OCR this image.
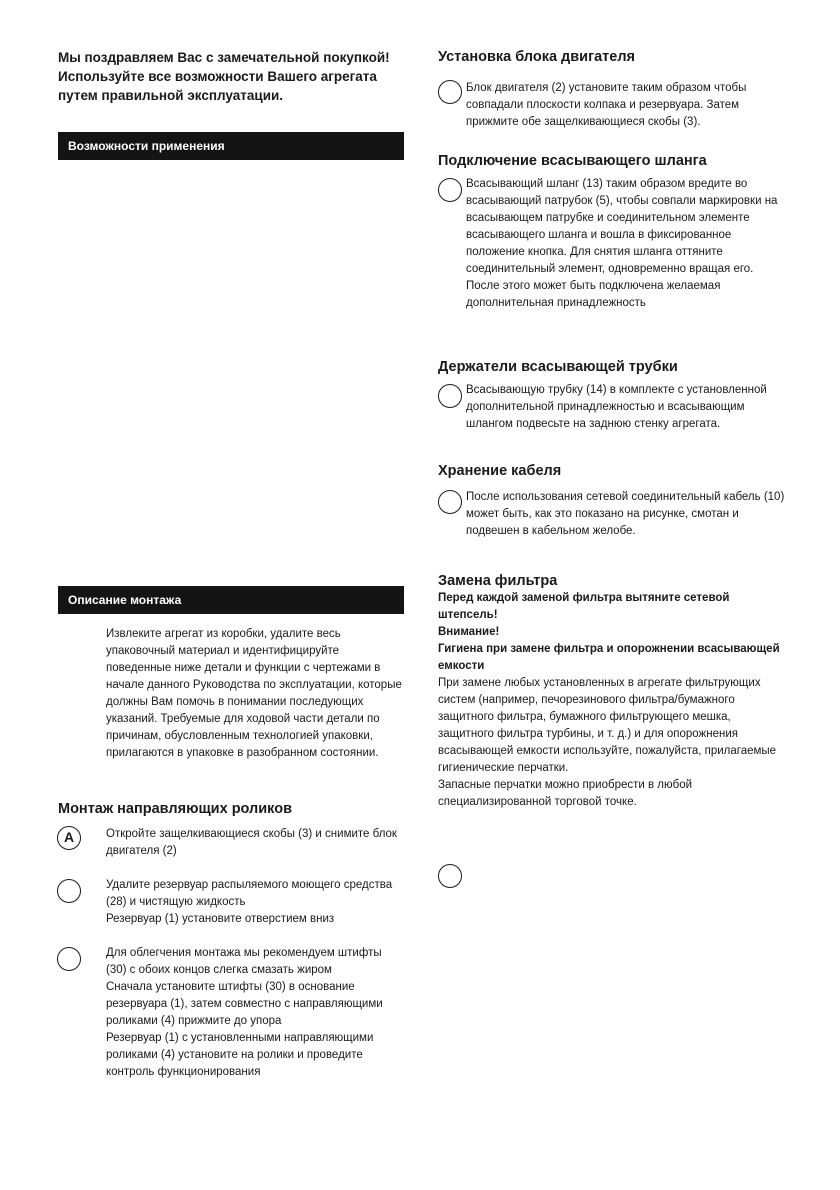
Мы поздравляем Вас с замечательной покупкой!

Используйте все возможности Вашего агрегата путем правильной эксплуатации.

Возможности применения
Описание монтажа

Извлеките агрегат из коробки, удалите весь упаковочный материал и идентифицируйте поведенные ниже детали и функции с чертежами в начале данного Руководства по эксплуатации, которые должны Вам помочь в понимании последующих указаний. Требуемые для ходовой части детали по причинам, обусловленным технологией упаковки, прилагаются в упаковке в разобранном состоянии.

Монтаж направляющих роликов
A	Откройте защелкивающиеся скобы (3) и снимите блок двигателя (2)

Удалите резервуар распыляемого моющего средства (28) и чистящую жидкость
Резервуар (1) установите отверстием вниз
Для облегчения монтажа мы рекомендуем штифты (30) с обоих концов слегка смазать жиром
Сначала установите штифты (30) в основание резервуара (1), затем совместно с направляющими роликами (4) прижмите до упора
Резервуар (1) с установленными направляющими роликами (4) установите на ролики и проведите контроль функционирования
Установка блока двигателя

Блок двигателя (2) установите таким образом чтобы совпадали плоскости колпака и резервуара. Затем прижмите обе защелкивающиеся скобы (3).

Подключение всасывающего шланга
Всасывающий шланг (13) таким образом вредите во всасывающий патрубок (5), чтобы совпали маркировки на всасывающем патрубке и соединительном элементе всасывающего шланга и вошла в фиксированное положение кнопка. Для снятия шланга оттяните соединительный элемент, одновременно вращая его.
После этого может быть подключена желаемая дополнительная принадлежность
Держатели всасывающей трубки

Всасывающую трубку (14) в комплекте с установленной дополнительной принадлежностью и всасывающим шлангом подвесьте на заднюю стенку агрегата.

Хранение кабеля

После использования сетевой соединительный кабель (10) может быть, как это показано на рисунке, смотан и подвешен в кабельном желобе.

Замена фильтра
Перед каждой заменой фильтра вытяните сетевой штепсель!
Внимание!
Гигиена при замене фильтра и опорожнении всасывающей емкости
При замене любых установленных в агрегате фильтрующих систем (например, печорезинового фильтра/бумажного защитного фильтра, бумажного фильтрующего мешка, защитного фильтра турбины, и т. д.) и для опорожнения всасывающей емкости используйте, пожалуйста, прилагаемые гигиенические перчатки.
Запасные перчатки можно приобрести в любой специализированной торговой точке.
